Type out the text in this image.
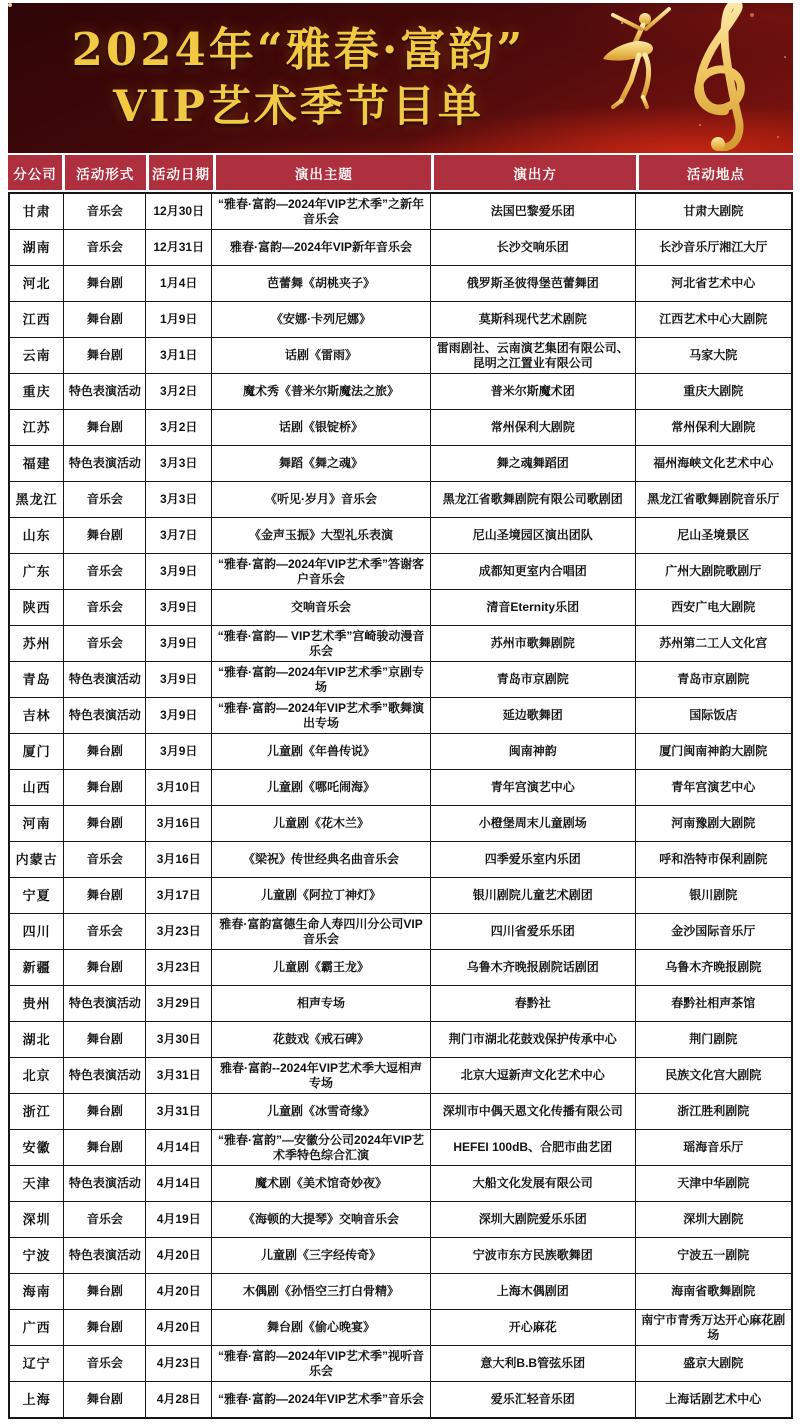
2024年“雅春·富韵”
VIP艺术季节目单
分公司	活动形式	活动日期	演出主题	演出方	活动地点
甘肃	音乐会	12月30日	“雅春·富韵—2024年VIP艺术季”之新年音乐会	法国巴黎爱乐团	甘肃大剧院
湖南	音乐会	12月31日	雅春·富韵—2024年VIP新年音乐会	长沙交响乐团	长沙音乐厅湘江大厅
河北	舞台剧	1月4日	芭蕾舞《胡桃夹子》	俄罗斯圣彼得堡芭蕾舞团	河北省艺术中心
江西	舞台剧	1月9日	《安娜·卡列尼娜》	莫斯科现代艺术剧院	江西艺术中心大剧院
云南	舞台剧	3月1日	话剧《雷雨》	雷雨剧社、云南演艺集团有限公司、昆明之江置业有限公司	马家大院
重庆	特色表演活动	3月2日	魔术秀《普米尔斯魔法之旅》	普米尔斯魔术团	重庆大剧院
江苏	舞台剧	3月2日	话剧《银锭桥》	常州保利大剧院	常州保利大剧院
福建	特色表演活动	3月3日	舞蹈《舞之魂》	舞之魂舞蹈团	福州海峡文化艺术中心
黑龙江	音乐会	3月3日	《听见·岁月》音乐会	黑龙江省歌舞剧院有限公司歌剧团	黑龙江省歌舞剧院音乐厅
山东	舞台剧	3月7日	《金声玉振》大型礼乐表演	尼山圣境园区演出团队	尼山圣境景区
广东	音乐会	3月9日	“雅春·富韵—2024年VIP艺术季”答谢客户音乐会	成都知更室内合唱团	广州大剧院歌剧厅
陕西	音乐会	3月9日	交响音乐会	清音Eternity乐团	西安广电大剧院
苏州	音乐会	3月9日	“雅春·富韵— VIP艺术季”宫崎骏动漫音乐会	苏州市歌舞剧院	苏州第二工人文化宫
青岛	特色表演活动	3月9日	“雅春·富韵—2024年VIP艺术季”京剧专场	青岛市京剧院	青岛市京剧院
吉林	特色表演活动	3月9日	“雅春·富韵—2024年VIP艺术季”歌舞演出专场	延边歌舞团	国际饭店
厦门	舞台剧	3月9日	儿童剧《年兽传说》	闽南神韵	厦门闽南神韵大剧院
山西	舞台剧	3月10日	儿童剧《哪吒闹海》	青年宫演艺中心	青年宫演艺中心
河南	舞台剧	3月16日	儿童剧《花木兰》	小橙堡周末儿童剧场	河南豫剧大剧院
内蒙古	音乐会	3月16日	《梁祝》传世经典名曲音乐会	四季爱乐室内乐团	呼和浩特市保利剧院
宁夏	舞台剧	3月17日	儿童剧《阿拉丁神灯》	银川剧院儿童艺术剧团	银川剧院
四川	音乐会	3月23日	雅春·富韵富德生命人寿四川分公司VIP音乐会	四川省爱乐乐团	金沙国际音乐厅
新疆	舞台剧	3月23日	儿童剧《霸王龙》	乌鲁木齐晚报剧院话剧团	乌鲁木齐晚报剧院
贵州	特色表演活动	3月29日	相声专场	春黔社	春黔社相声茶馆
湖北	舞台剧	3月30日	花鼓戏《戒石碑》	荆门市湖北花鼓戏保护传承中心	荆门剧院
北京	特色表演活动	3月31日	雅春·富韵--2024年VIP艺术季大逗相声专场	北京大逗新声文化艺术中心	民族文化宫大剧院
浙江	舞台剧	3月31日	儿童剧《冰雪奇缘》	深圳市中偶天恩文化传播有限公司	浙江胜利剧院
安徽	舞台剧	4月14日	“雅春·富韵”—安徽分公司2024年VIP艺术季特色综合汇演	HEFEI 100dB、合肥市曲艺团	瑶海音乐厅
天津	特色表演活动	4月14日	魔术剧《美术馆奇妙夜》	大船文化发展有限公司	天津中华剧院
深圳	音乐会	4月19日	《海顿的大提琴》交响音乐会	深圳大剧院爱乐乐团	深圳大剧院
宁波	特色表演活动	4月20日	儿童剧《三字经传奇》	宁波市东方民族歌舞团	宁波五一剧院
海南	舞台剧	4月20日	木偶剧《孙悟空三打白骨精》	上海木偶剧团	海南省歌舞剧院
广西	舞台剧	4月20日	舞台剧《偷心晚宴》	开心麻花	南宁市青秀万达开心麻花剧场
辽宁	音乐会	4月23日	“雅春·富韵—2024年VIP艺术季”视听音乐会	意大利B.B管弦乐团	盛京大剧院
上海	舞台剧	4月28日	“雅春·富韵—2024年VIP艺术季”音乐会	爱乐汇轻音乐团	上海话剧艺术中心
